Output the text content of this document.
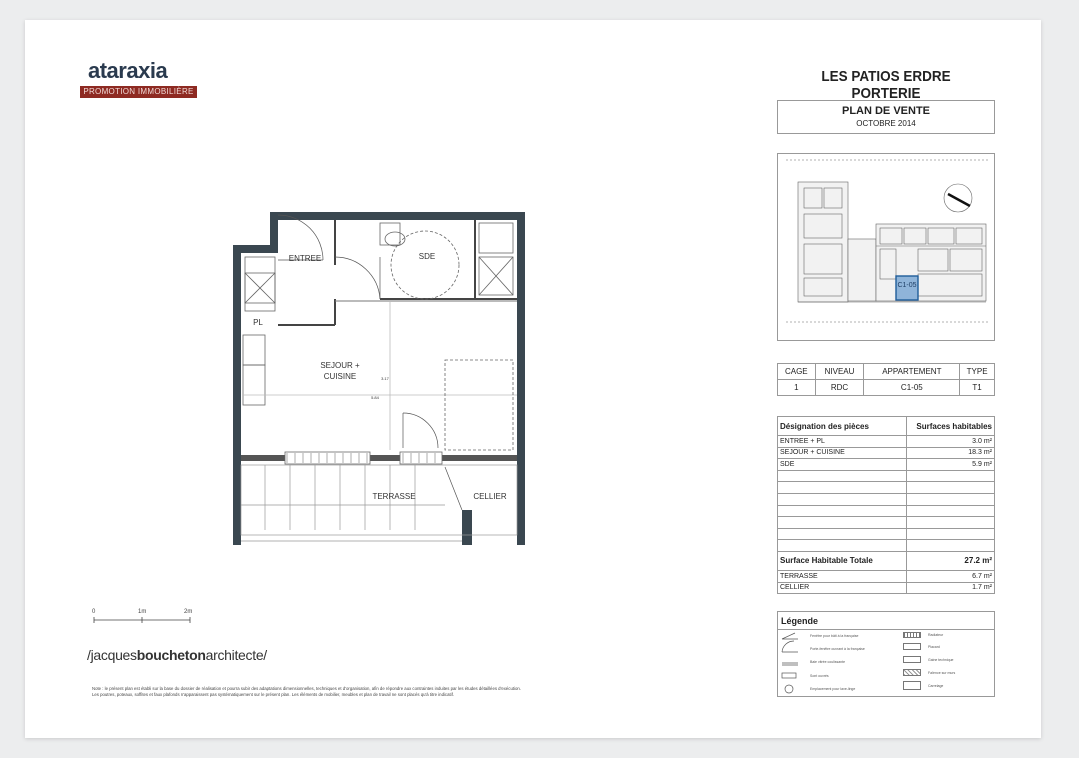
ataraxia
PROMOTION IMMOBILIÈRE
LES PATIOS ERDRE PORTERIE
PLAN DE VENTE
OCTOBRE 2014
C1-05
CAGE	NIVEAU	APPARTEMENT	TYPE
1	RDC	C1-05	T1
Désignation des pièces	Surfaces habitables
ENTREE + PL	3.0 m²
SEJOUR + CUISINE	18.3 m²
SDE	5.9 m²

Surface Habitable Totale	27.2 m²
TERRASSE	6.7 m²
CELLIER	1.7 m²
Légende
Fenêtre pour bâti à la française
Porte-fenêtre ouvrant à la française
Baie vitrée coulissante
Sont ouvrés
Emplacement pour lave-linge
Radiateur
Placard
Gaine technique
Faïence sur murs
Carrelage
ENTREE	SDE
PL
SEJOUR +
CUISINE
TERRASSE	CELLIER
5.84
3.17
0	1m	2m
/jacquesbouchetonarchitecte/
Note : le présent plan est établi sur la base du dossier de réalisation et pourra subir des adaptations dimensionnelles, techniques et d'organisation, afin de répondre aux contraintes induites par les études détaillées d'exécution.
Les poutres, poteaux, soffites et faux plafonds n'apparaissent pas systématiquement sur le présent plan. Les éléments de mobilier, meubles et plan de travail ne sont placés qu'à titre indicatif.
